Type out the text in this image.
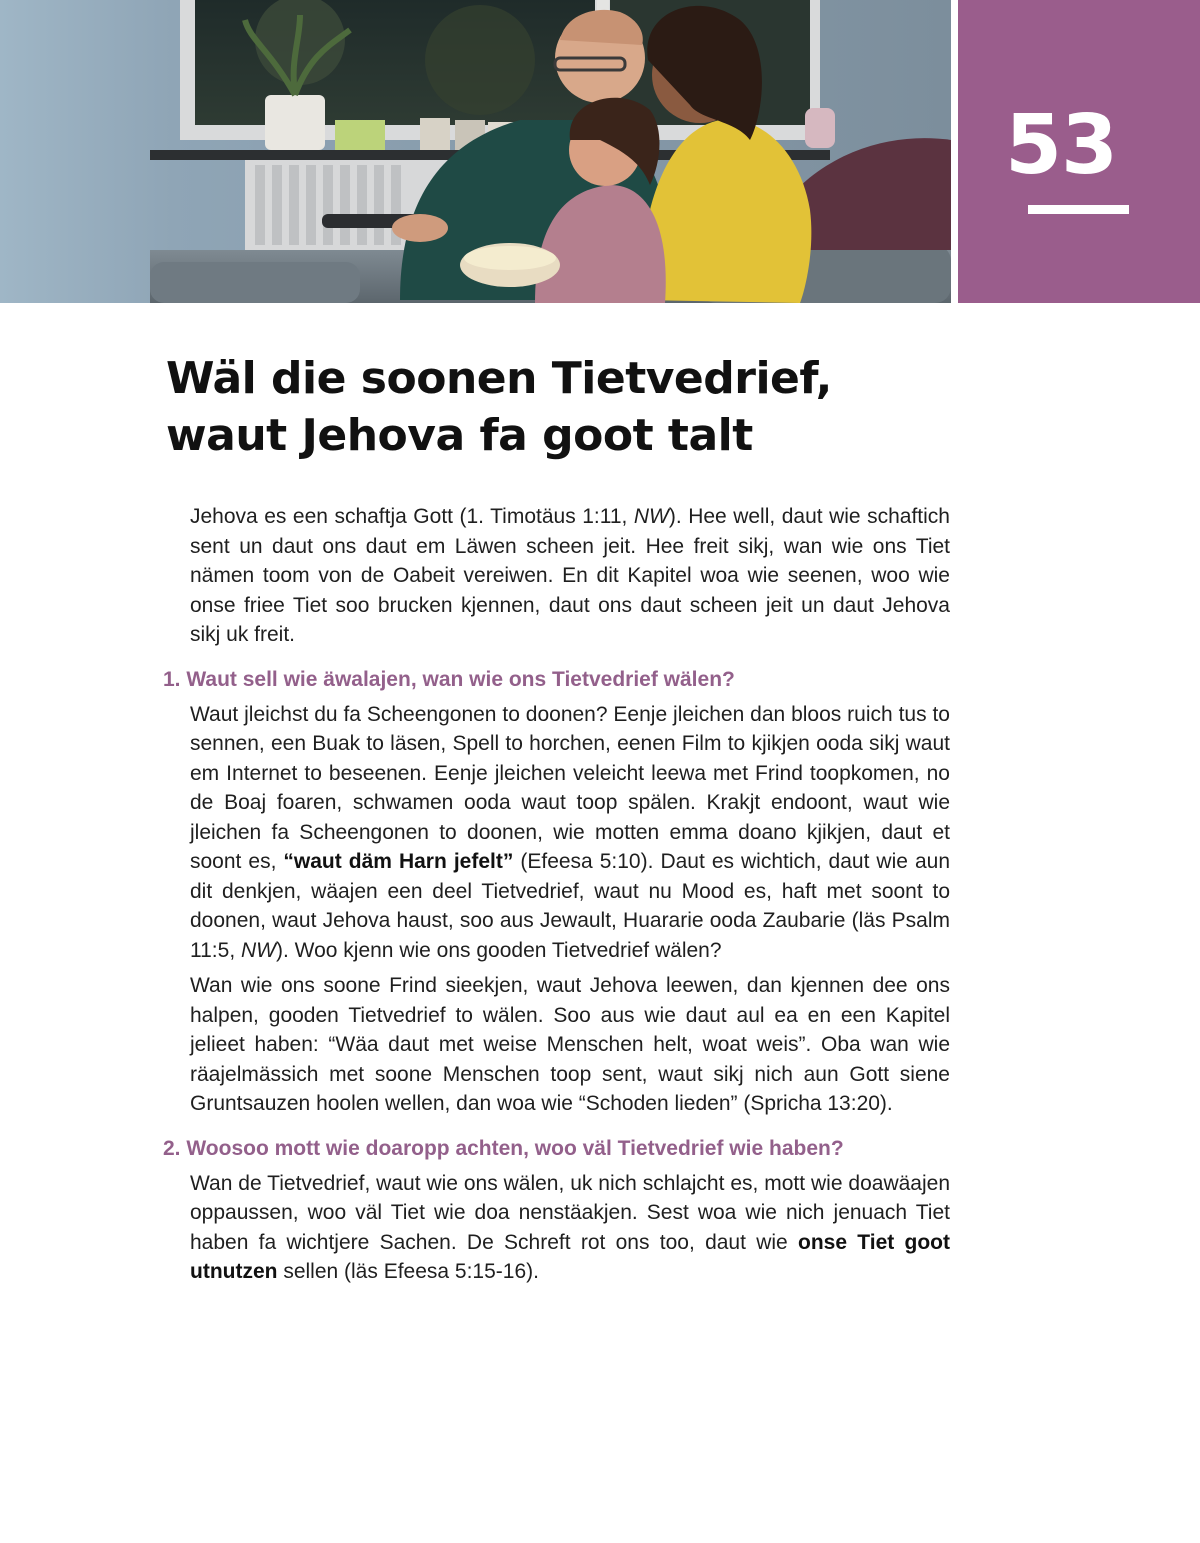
53
Wäl die soonen Tietvedrief,
waut Jehova fa goot talt

Jehova es een schaftja Gott (1. Timotäus 1:11, NW). Hee well, daut wie schaftich sent un daut ons daut em Läwen scheen jeit. Hee freit sikj, wan wie ons Tiet nämen toom von de Oabeit vereiwen. En dit Kapitel woa wie seenen, woo wie onse friee Tiet soo brucken kjennen, daut ons daut scheen jeit un daut Jehova sikj uk freit.

1. Waut sell wie äwalajen, wan wie ons Tietvedrief wälen?

Waut jleichst du fa Scheengonen to doonen? Eenje jleichen dan bloos ruich tus to sennen, een Buak to läsen, Spell to horchen, eenen Film to kjikjen ooda sikj waut em Internet to beseenen. Eenje jleichen veleicht leewa met Frind toopkomen, no de Boaj foaren, schwamen ooda waut toop spälen. Krakjt endoont, waut wie jleichen fa Scheengonen to doonen, wie motten emma doano kjikjen, daut et soont es, “waut däm Harn jefelt” (Efeesa 5:10). Daut es wichtich, daut wie aun dit denkjen, wäajen een deel Tietvedrief, waut nu Mood es, haft met soont to doonen, waut Jehova haust, soo aus Jewault, Huararie ooda Zaubarie (läs Psalm 11:5, NW). Woo kjenn wie ons gooden Tietvedrief wälen?

Wan wie ons soone Frind sieekjen, waut Jehova leewen, dan kjennen dee ons halpen, gooden Tietvedrief to wälen. Soo aus wie daut aul ea en een Kapitel jelieet haben: “Wäa daut met weise Menschen helt, woat weis”. Oba wan wie räajelmässich met soone Menschen toop sent, waut sikj nich aun Gott siene Gruntsauzen hoolen wellen, dan woa wie “Schoden lieden” (Spricha 13:20).

2. Woosoo mott wie doaropp achten, woo väl Tietvedrief wie haben?

Wan de Tietvedrief, waut wie ons wälen, uk nich schlajcht es, mott wie doawäajen oppaussen, woo väl Tiet wie doa nenstäakjen. Sest woa wie nich jenuach Tiet haben fa wichtjere Sachen. De Schreft rot ons too, daut wie onse Tiet goot utnutzen sellen (läs Efeesa 5:15-16).
